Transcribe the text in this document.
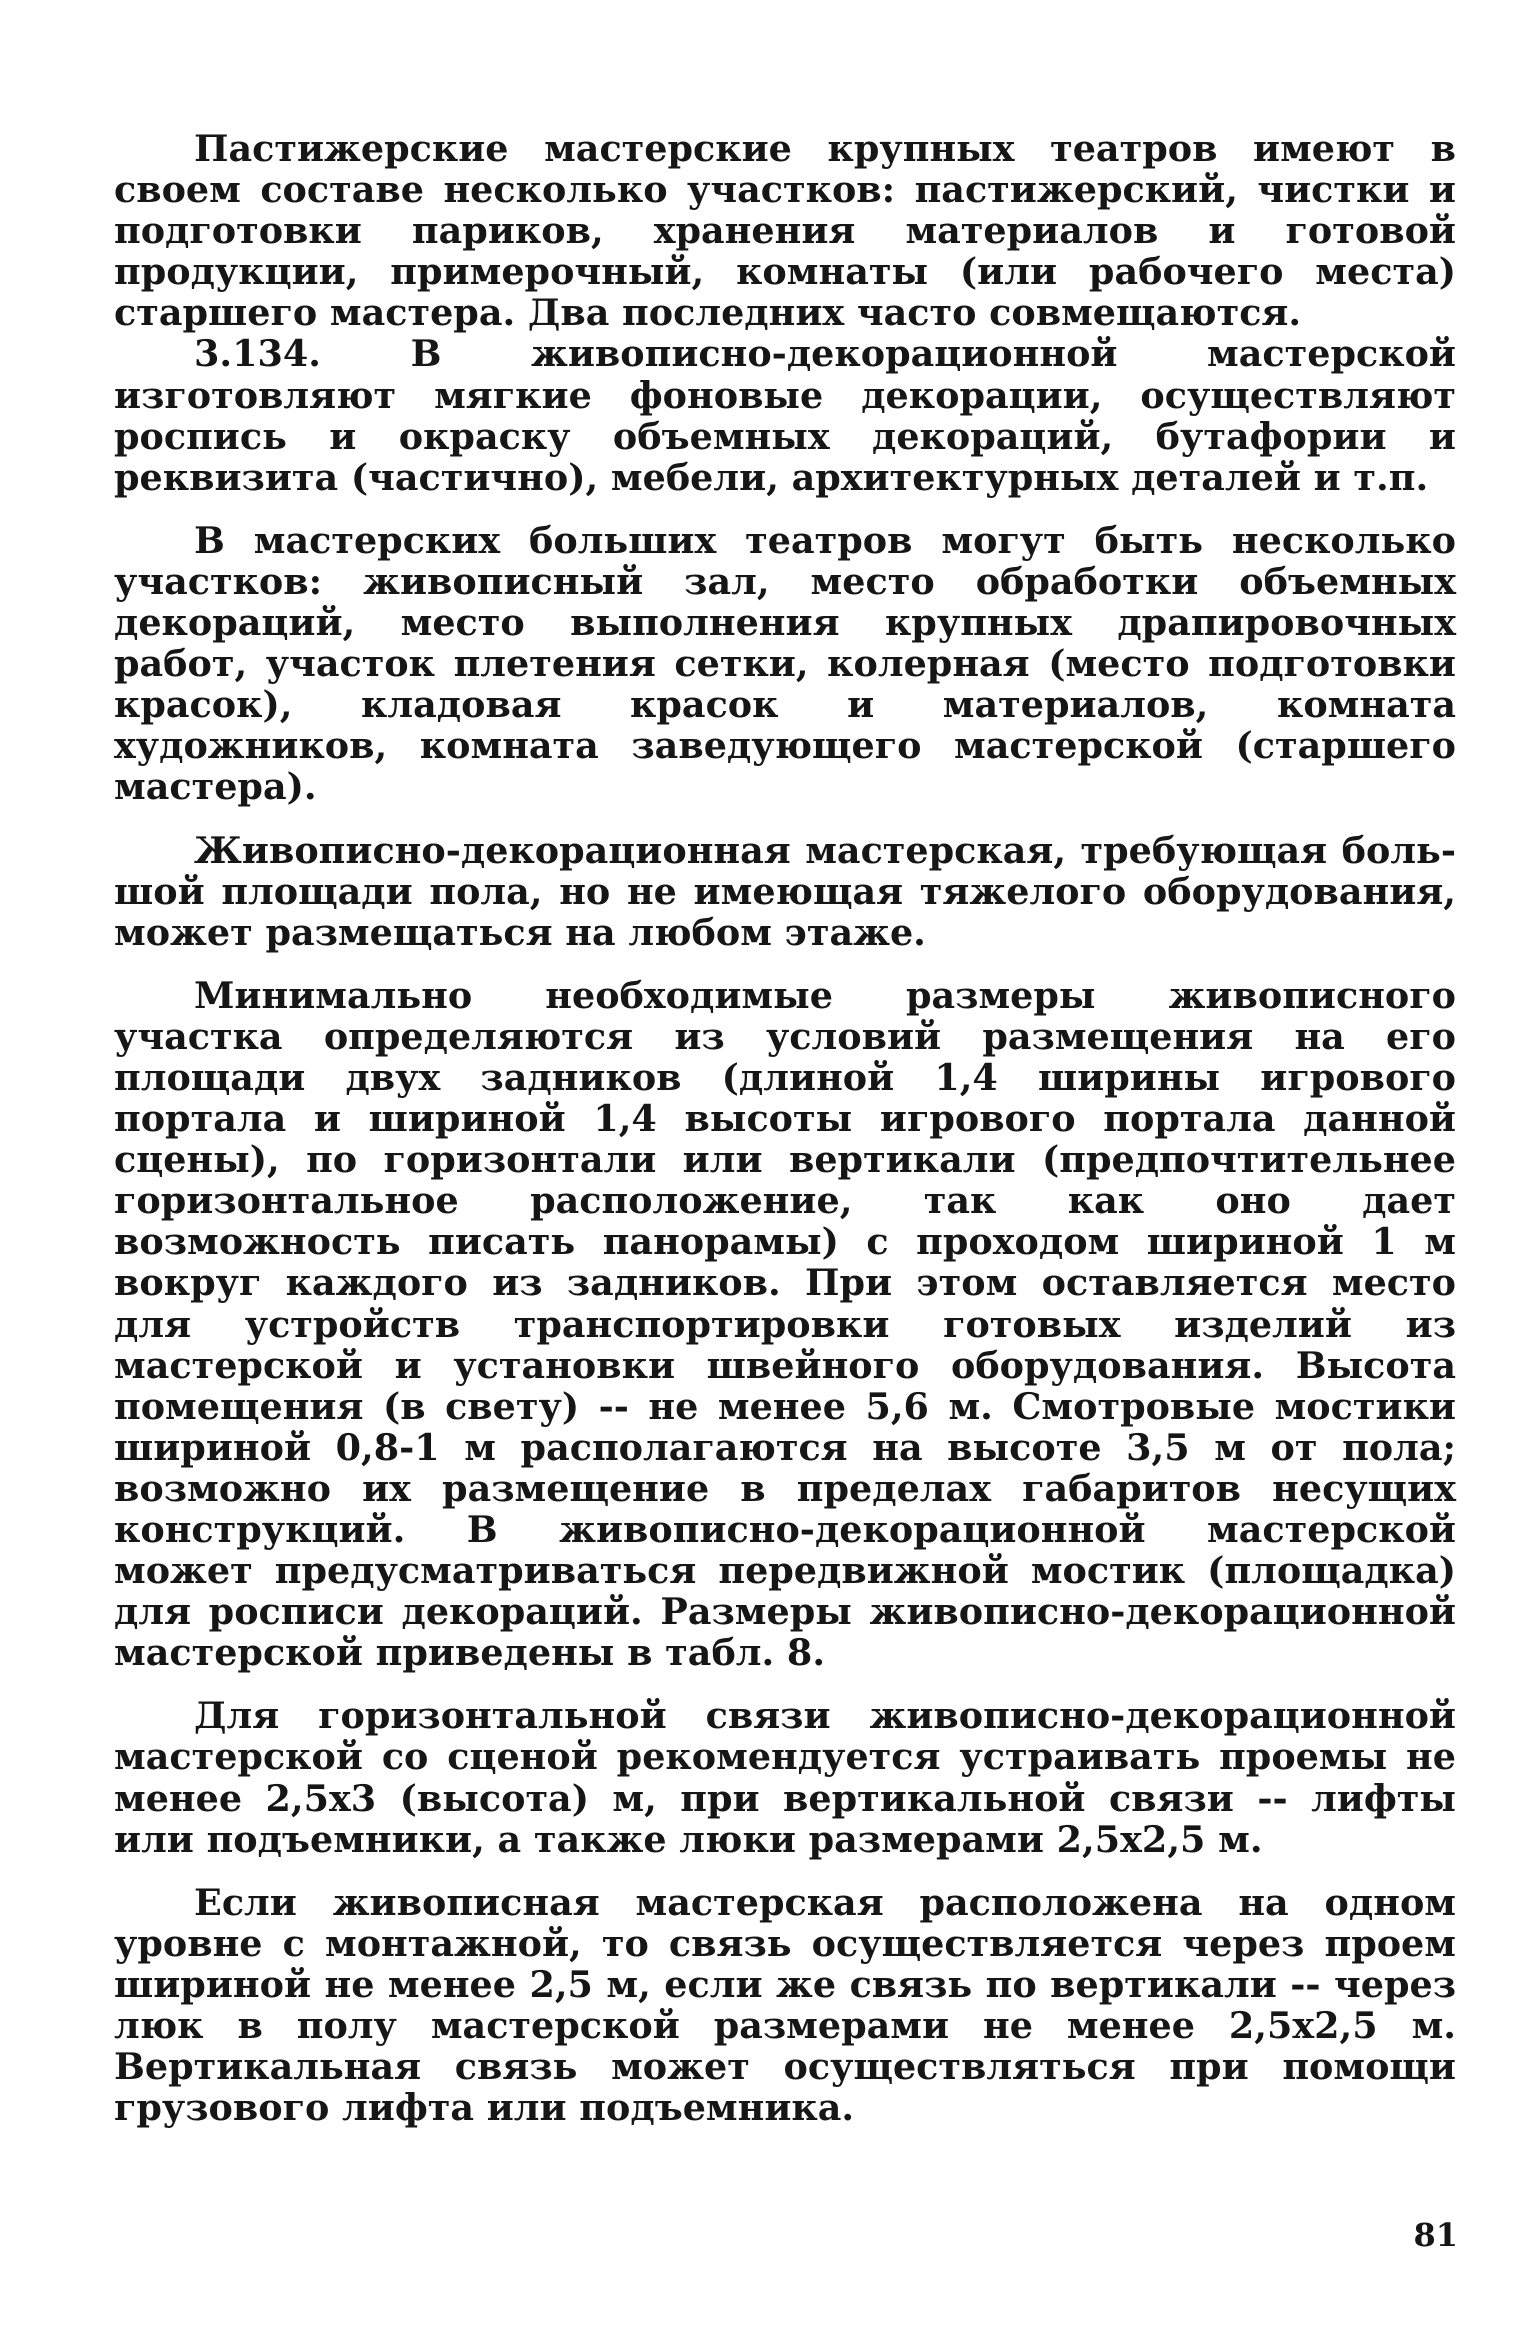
Пастижерские мастерские крупных театров имеют в своем составе несколько участков: пастижерский, чистки и подготовки париков, хранения материалов и готовой продукции, примерочный, комнаты (или рабочего места) старшего мастера. Два последних часто совмещаются.

3.134. В живописно-декорационной мастерской изготовляют мягкие фоновые декорации, осуществляют роспись и окраску объемных декораций, бутафории и реквизита (частично), мебели, архитектурных деталей и т.п.

В мастерских больших театров могут быть несколько участков: живописный зал, место обработки объемных декораций, место выполнения крупных драпировочных работ, участок плетения сетки, колерная (место подготовки красок), кладовая красок и материалов, комната художников, комната заведующего мастерской (старшего мастера).

Живописно-декорационная мастерская, требующая большой площади пола, но не имеющая тяжелого оборудования, может размещаться на любом этаже.

Минимально необходимые размеры живописного участка определяются из условий размещения на его площади двух задников (длиной 1,4 ширины игрового портала и шириной 1,4 высоты игрового портала данной сцены), по горизонтали или вертикали (предпочтительнее горизонтальное расположение, так как оно дает возможность писать панорамы) с проходом шириной 1 м вокруг каждого из задников. При этом оставляется место для устройств транспортировки готовых изделий из мастерской и установки швейного оборудования. Высота помещения (в свету) -- не менее 5,6 м. Смотровые мостики шириной 0,8-1 м располагаются на высоте 3,5 м от пола; возможно их размещение в пределах габаритов несущих конструкций. В живописно-декорационной мастерской может предусматриваться передвижной мостик (площадка) для росписи декораций. Размеры живописно-декорационной мастерской приведены в табл. 8.

Для горизонтальной связи живописно-декорационной мастерской со сценой рекомендуется устраивать проемы не менее 2,5х3 (высота) м, при вертикальной связи -- лифты или подъемники, а также люки размерами 2,5х2,5 м.

Если живописная мастерская расположена на одном уровне с монтажной, то связь осуществляется через проем шириной не менее 2,5 м, если же связь по вертикали -- через люк в полу мастерской размерами не менее 2,5х2,5 м. Вертикальная связь может осуществляться при помощи грузового лифта или подъемника.

81
